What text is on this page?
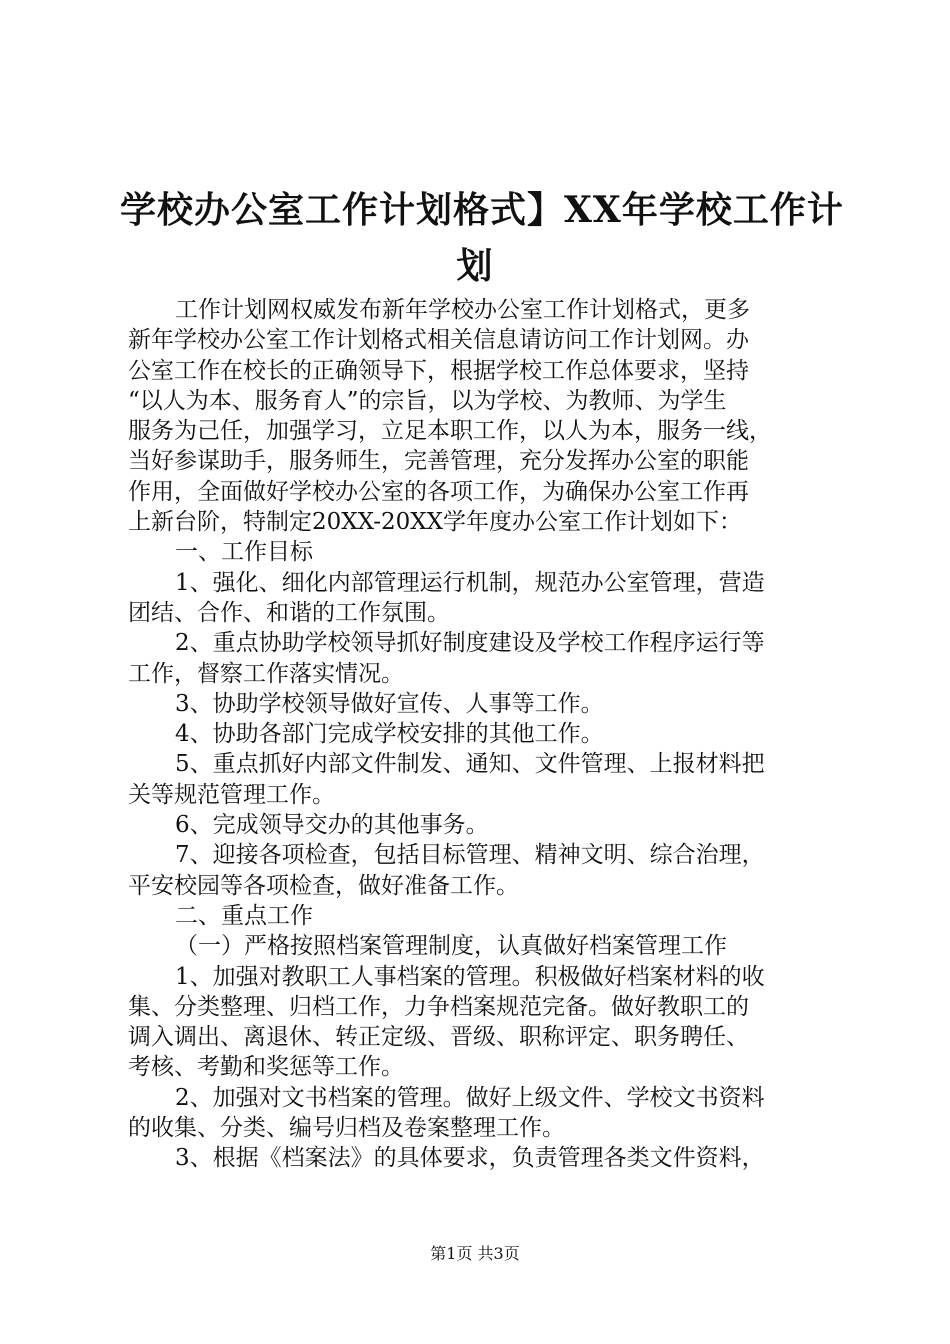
学校办公室工作计划格式】XX年学校工作计
划
工作计划网权威发布新年学校办公室工作计划格式，更多
新年学校办公室工作计划格式相关信息请访问工作计划网。办
公室工作在校长的正确领导下，根据学校工作总体要求，坚持
“以人为本、服务育人”的宗旨，以为学校、为教师、为学生
服务为己任，加强学习，立足本职工作，以人为本，服务一线，
当好参谋助手，服务师生，完善管理，充分发挥办公室的职能
作用，全面做好学校办公室的各项工作，为确保办公室工作再
上新台阶，特制定20XX-20XX学年度办公室工作计划如下：
一、工作目标
1、强化、细化内部管理运行机制，规范办公室管理，营造
团结、合作、和谐的工作氛围。
2、重点协助学校领导抓好制度建设及学校工作程序运行等
工作，督察工作落实情况。
3、协助学校领导做好宣传、人事等工作。
4、协助各部门完成学校安排的其他工作。
5、重点抓好内部文件制发、通知、文件管理、上报材料把
关等规范管理工作。
6、完成领导交办的其他事务。
7、迎接各项检查，包括目标管理、精神文明、综合治理，
平安校园等各项检查，做好准备工作。
二、重点工作
（一）严格按照档案管理制度，认真做好档案管理工作
1、加强对教职工人事档案的管理。积极做好档案材料的收
集、分类整理、归档工作，力争档案规范完备。做好教职工的
调入调出、离退休、转正定级、晋级、职称评定、职务聘任、
考核、考勤和奖惩等工作。
2、加强对文书档案的管理。做好上级文件、学校文书资料
的收集、分类、编号归档及卷案整理工作。
3、根据《档案法》的具体要求，负责管理各类文件资料，
第1页 共3页
